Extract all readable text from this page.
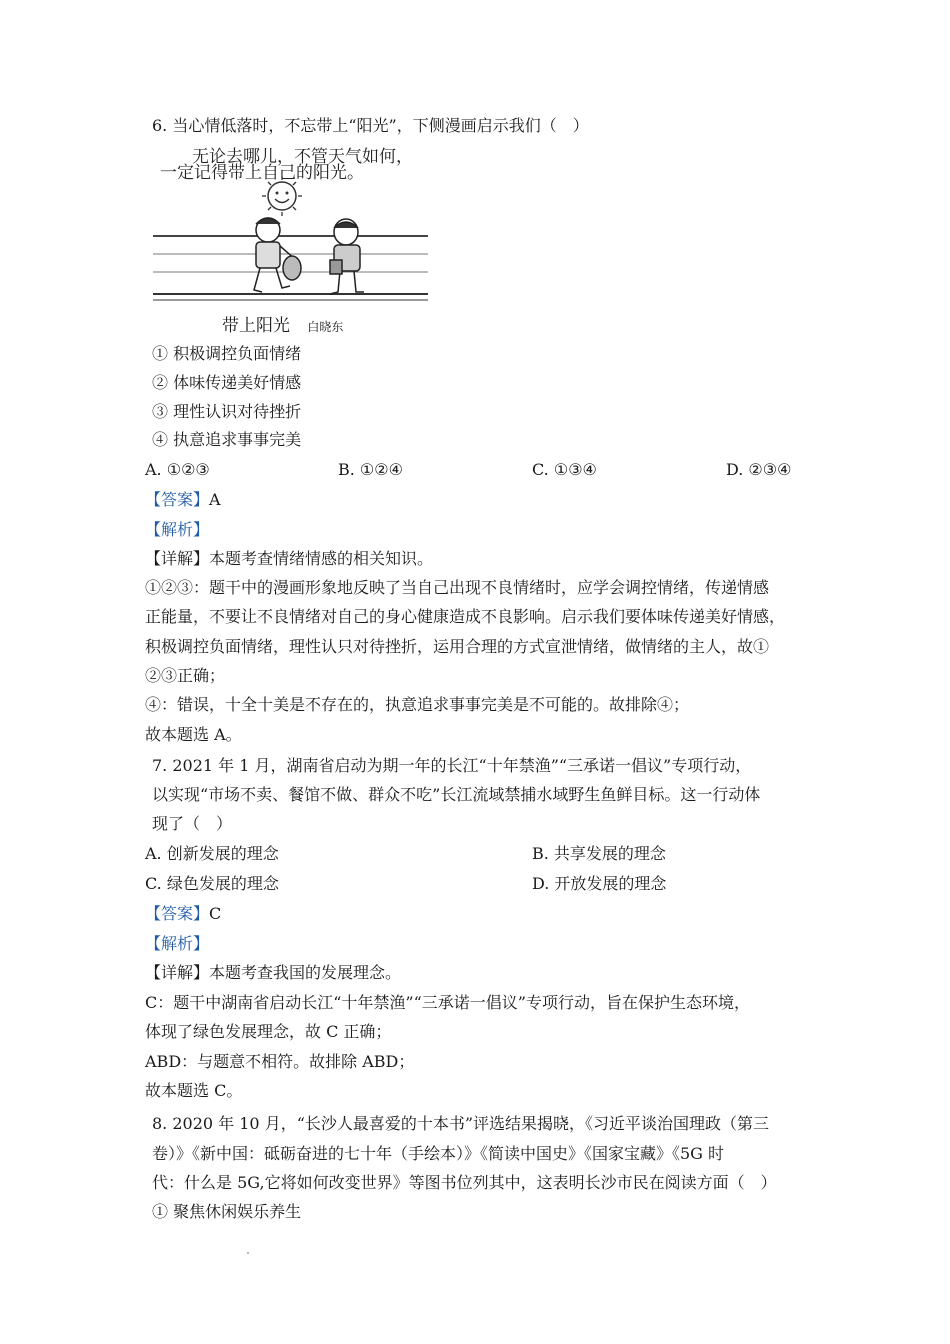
6. 当心情低落时，不忘带上“阳光”，下侧漫画启示我们（　）
无论去哪儿，不管天气如何，
一定记得带上自己的阳光。
带上阳光 白晓东
① 积极调控负面情绪
② 体味传递美好情感
③ 理性认识对待挫折
④ 执意追求事事完美
A. ①②③	B. ①②④	C. ①③④	D. ②③④
【答案】A
【解析】
【详解】本题考查情绪情感的相关知识。
①②③：题干中的漫画形象地反映了当自己出现不良情绪时，应学会调控情绪，传递情感
正能量，不要让不良情绪对自己的身心健康造成不良影响。启示我们要体味传递美好情感，
积极调控负面情绪，理性认只对待挫折，运用合理的方式宣泄情绪，做情绪的主人，故①
②③正确；
④：错误，十全十美是不存在的，执意追求事事完美是不可能的。故排除④；
故本题选 A。
7. 2021 年 1 月，湖南省启动为期一年的长江“十年禁渔”“三承诺一倡议”专项行动，
以实现“市场不卖、餐馆不做、群众不吃”长江流域禁捕水域野生鱼鲜目标。这一行动体
现了（　）
A. 创新发展的理念	B. 共享发展的理念
C. 绿色发展的理念	D. 开放发展的理念
【答案】C
【解析】
【详解】本题考查我国的发展理念。
C：题干中湖南省启动长江“十年禁渔”“三承诺一倡议”专项行动，旨在保护生态环境，
体现了绿色发展理念，故 C 正确；
ABD：与题意不相符。故排除 ABD；
故本题选 C。
8. 2020 年 10 月，“长沙人最喜爱的十本书”评选结果揭晓，《习近平谈治国理政（第三
卷）》《新中国：砥砺奋进的七十年（手绘本）》《简读中国史》《国家宝藏》《5G 时
代：什么是 5G,它将如何改变世界》等图书位列其中，这表明长沙市民在阅读方面（　）
① 聚焦休闲娱乐养生
